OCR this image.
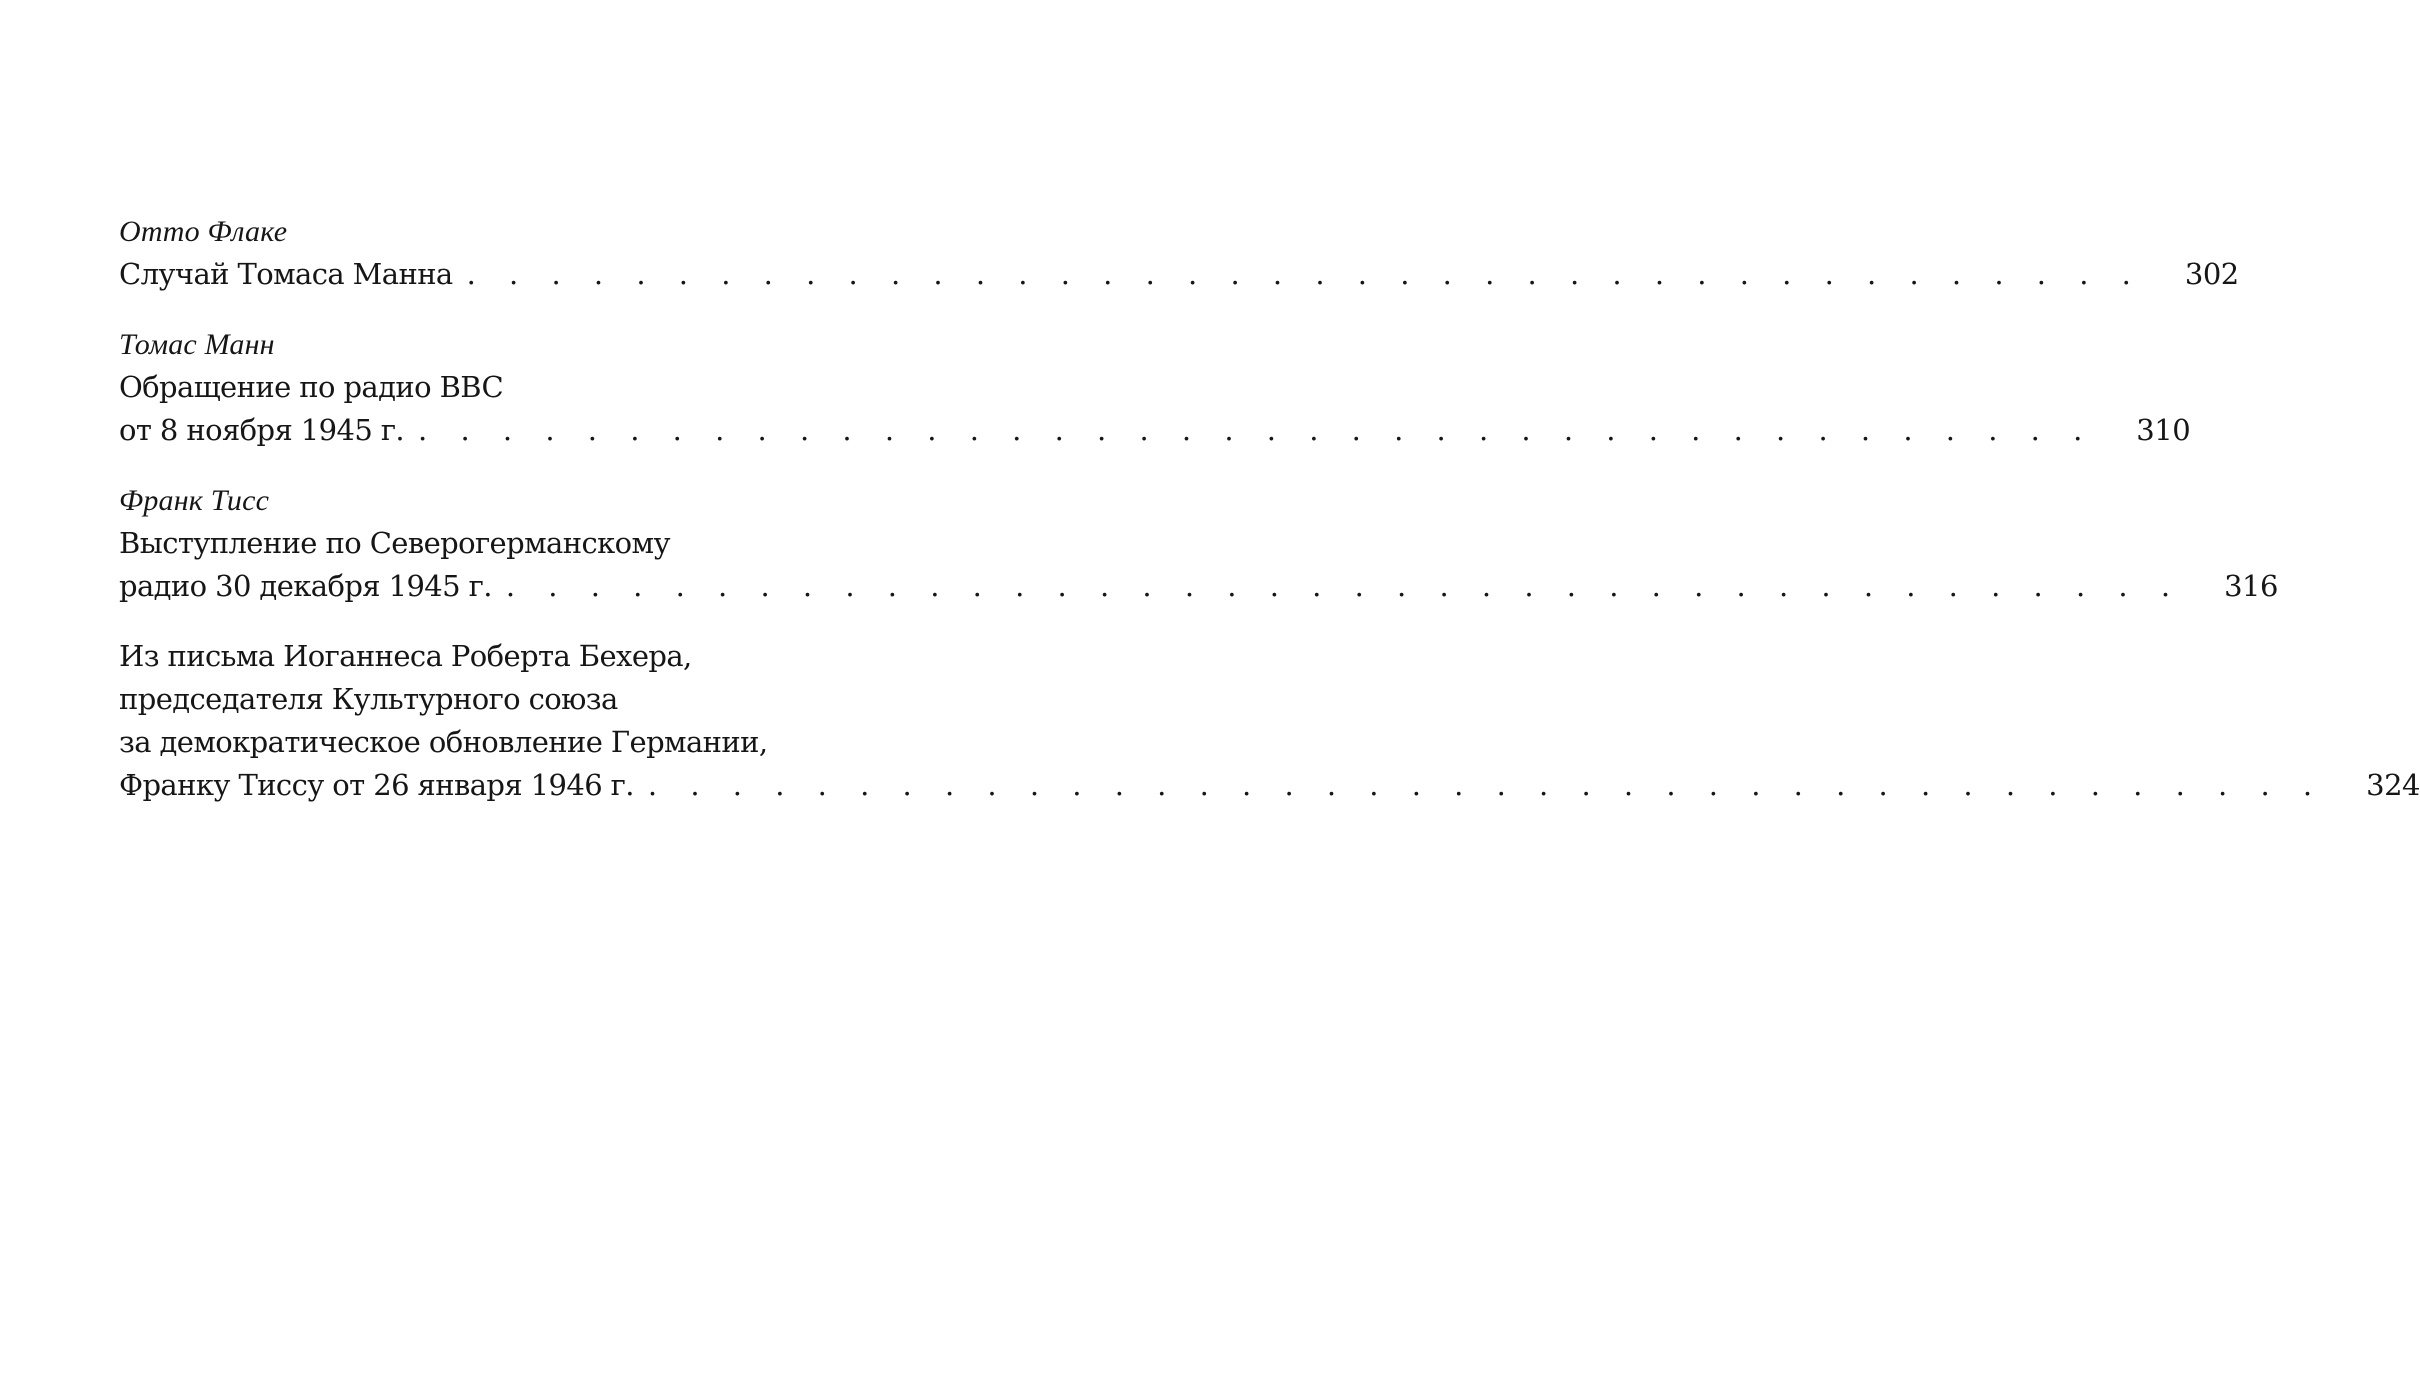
Отто Флаке
Случай Томаса Манна . . . . . . . . . . . . . . . . . . . . . . . . . . . . . . . . . . . . . . . .	302
Томас Манн
Обращение по радио BBC
от 8 ноября 1945 г. . . . . . . . . . . . . . . . . . . . . . . . . . . . . . . . . . . . . . . . .	310
Франк Тисс
Выступление по Северогерманскому
радио 30 декабря 1945 г. . . . . . . . . . . . . . . . . . . . . . . . . . . . . . . . . . . . . . . . .	316
Из письма Иоганнеса Роберта Бехера,
председателя Культурного союза
за демократическое обновление Германии,
Франку Тиссу от 26 января 1946 г. . . . . . . . . . . . . . . . . . . . . . . . . . . . . . . . . . . . . . . . .	324
